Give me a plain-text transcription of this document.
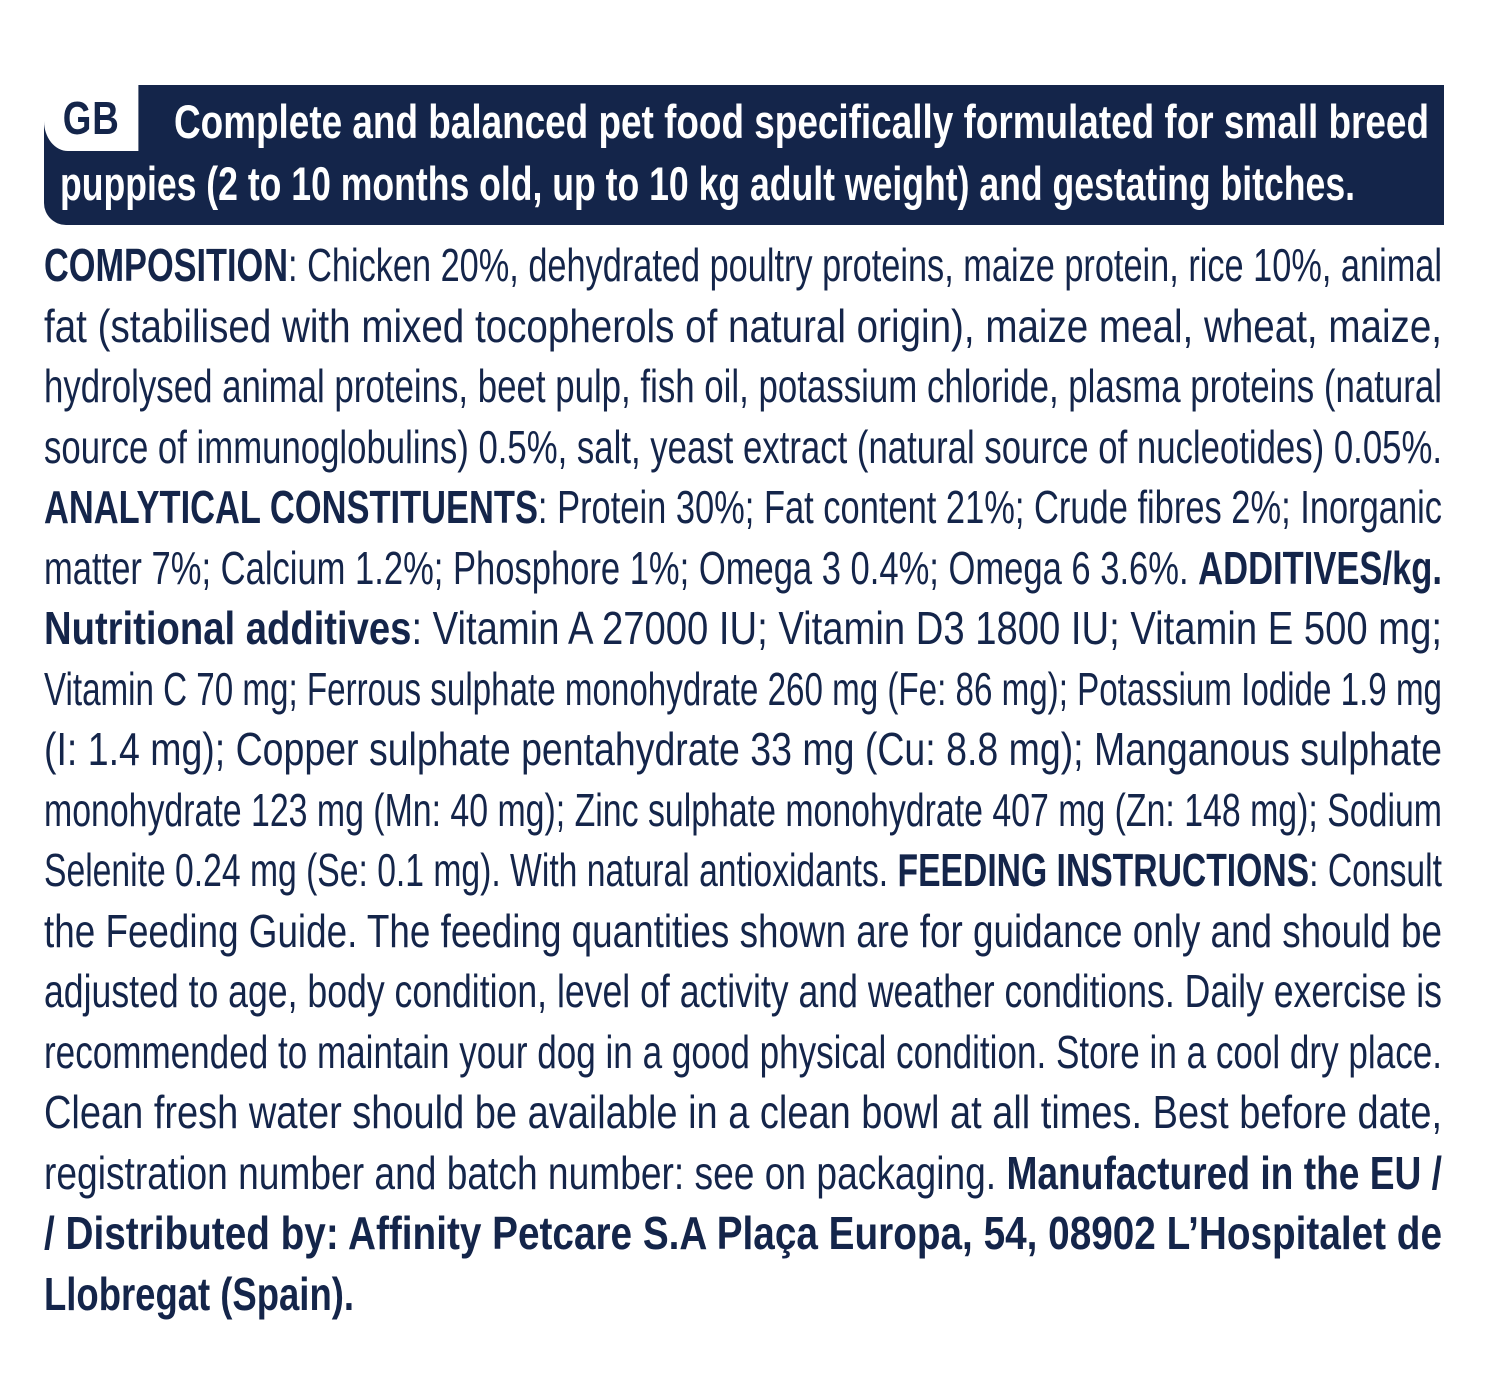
GB	Complete and balanced pet food specifically formulated for small breed
puppies (2 to 10 months old, up to 10 kg adult weight) and gestating bitches.
COMPOSITION: Chicken 20%, dehydrated poultry proteins, maize protein, rice 10%, animal
fat (stabilised with mixed tocopherols of natural origin), maize meal, wheat, maize,
hydrolysed animal proteins, beet pulp, fish oil, potassium chloride, plasma proteins (natural
source of immunoglobulins) 0.5%, salt, yeast extract (natural source of nucleotides) 0.05%.
ANALYTICAL CONSTITUENTS: Protein 30%; Fat content 21%; Crude fibres 2%; Inorganic
matter 7%; Calcium 1.2%; Phosphore 1%; Omega 3 0.4%; Omega 6 3.6%. ADDITIVES/kg.
Nutritional additives: Vitamin A 27000 IU; Vitamin D3 1800 IU; Vitamin E 500 mg;
Vitamin C 70 mg; Ferrous sulphate monohydrate 260 mg (Fe: 86 mg); Potassium Iodide 1.9 mg
(I: 1.4 mg); Copper sulphate pentahydrate 33 mg (Cu: 8.8 mg); Manganous sulphate
monohydrate 123 mg (Mn: 40 mg); Zinc sulphate monohydrate 407 mg (Zn: 148 mg); Sodium
Selenite 0.24 mg (Se: 0.1 mg). With natural antioxidants. FEEDING INSTRUCTIONS: Consult
the Feeding Guide. The feeding quantities shown are for guidance only and should be
adjusted to age, body condition, level of activity and weather conditions. Daily exercise is
recommended to maintain your dog in a good physical condition. Store in a cool dry place.
Clean fresh water should be available in a clean bowl at all times. Best before date,
registration number and batch number: see on packaging. Manufactured in the EU /
/ Distributed by: Affinity Petcare S.A Plaça Europa, 54, 08902 L’Hospitalet de
Llobregat (Spain).
